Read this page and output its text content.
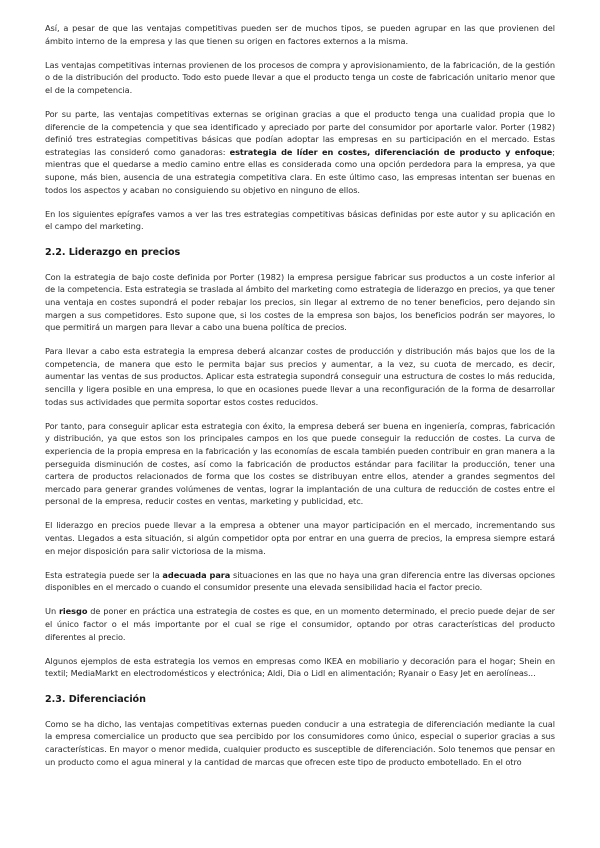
Así, a pesar de que las ventajas competitivas pueden ser de muchos tipos, se pueden agrupar en las que provienen del ámbito interno de la empresa y las que tienen su origen en factores externos a la misma.

Las ventajas competitivas internas provienen de los procesos de compra y aprovisionamiento, de la fabricación, de la gestión o de la distribución del producto. Todo esto puede llevar a que el producto tenga un coste de fabricación unitario menor que el de la competencia.

Por su parte, las ventajas competitivas externas se originan gracias a que el producto tenga una cualidad propia que lo diferencie de la competencia y que sea identificado y apreciado por parte del consumidor por aportarle valor. Porter (1982) definió tres estrategias competitivas básicas que podían adoptar las empresas en su participación en el mercado. Estas estrategias las consideró como ganadoras: estrategia de líder en costes, diferenciación de producto y enfoque; mientras que el quedarse a medio camino entre ellas es considerada como una opción perdedora para la empresa, ya que supone, más bien, ausencia de una estrategia competitiva clara. En este último caso, las empresas intentan ser buenas en todos los aspectos y acaban no consiguiendo su objetivo en ninguno de ellos.

En los siguientes epígrafes vamos a ver las tres estrategias competitivas básicas definidas por este autor y su aplicación en el campo del marketing.

2.2. Liderazgo en precios

Con la estrategia de bajo coste definida por Porter (1982) la empresa persigue fabricar sus productos a un coste inferior al de la competencia. Esta estrategia se traslada al ámbito del marketing como estrategia de liderazgo en precios, ya que tener una ventaja en costes supondrá el poder rebajar los precios, sin llegar al extremo de no tener beneficios, pero dejando sin margen a sus competidores. Esto supone que, si los costes de la empresa son bajos, los beneficios podrán ser mayores, lo que permitirá un margen para llevar a cabo una buena política de precios.

Para llevar a cabo esta estrategia la empresa deberá alcanzar costes de producción y distribución más bajos que los de la competencia, de manera que esto le permita bajar sus precios y aumentar, a la vez, su cuota de mercado, es decir, aumentar las ventas de sus productos. Aplicar esta estrategia supondrá conseguir una estructura de costes lo más reducida, sencilla y ligera posible en una empresa, lo que en ocasiones puede llevar a una reconfiguración de la forma de desarrollar todas sus actividades que permita soportar estos costes reducidos.

Por tanto, para conseguir aplicar esta estrategia con éxito, la empresa deberá ser buena en ingeniería, compras, fabricación y distribución, ya que estos son los principales campos en los que puede conseguir la reducción de costes. La curva de experiencia de la propia empresa en la fabricación y las economías de escala también pueden contribuir en gran manera a la perseguida disminución de costes, así como la fabricación de productos estándar para facilitar la producción, tener una cartera de productos relacionados de forma que los costes se distribuyan entre ellos, atender a grandes segmentos del mercado para generar grandes volúmenes de ventas, lograr la implantación de una cultura de reducción de costes entre el personal de la empresa, reducir costes en ventas, marketing y publicidad, etc.

El liderazgo en precios puede llevar a la empresa a obtener una mayor participación en el mercado, incrementando sus ventas. Llegados a esta situación, si algún competidor opta por entrar en una guerra de precios, la empresa siempre estará en mejor disposición para salir victoriosa de la misma.

Esta estrategia puede ser la adecuada para situaciones en las que no haya una gran diferencia entre las diversas opciones disponibles en el mercado o cuando el consumidor presente una elevada sensibilidad hacia el factor precio.

Un riesgo de poner en práctica una estrategia de costes es que, en un momento determinado, el precio puede dejar de ser el único factor o el más importante por el cual se rige el consumidor, optando por otras características del producto diferentes al precio.

Algunos ejemplos de esta estrategia los vemos en empresas como IKEA en mobiliario y decoración para el hogar; Shein en textil; MediaMarkt en electrodomésticos y electrónica; Aldi, Dia o Lidl en alimentación; Ryanair o Easy Jet en aerolíneas...

2.3. Diferenciación

Como se ha dicho, las ventajas competitivas externas pueden conducir a una estrategia de diferenciación mediante la cual la empresa comercialice un producto que sea percibido por los consumidores como único, especial o superior gracias a sus características. En mayor o menor medida, cualquier producto es susceptible de diferenciación. Solo tenemos que pensar en un producto como el agua mineral y la cantidad de marcas que ofrecen este tipo de producto embotellado. En el otro
